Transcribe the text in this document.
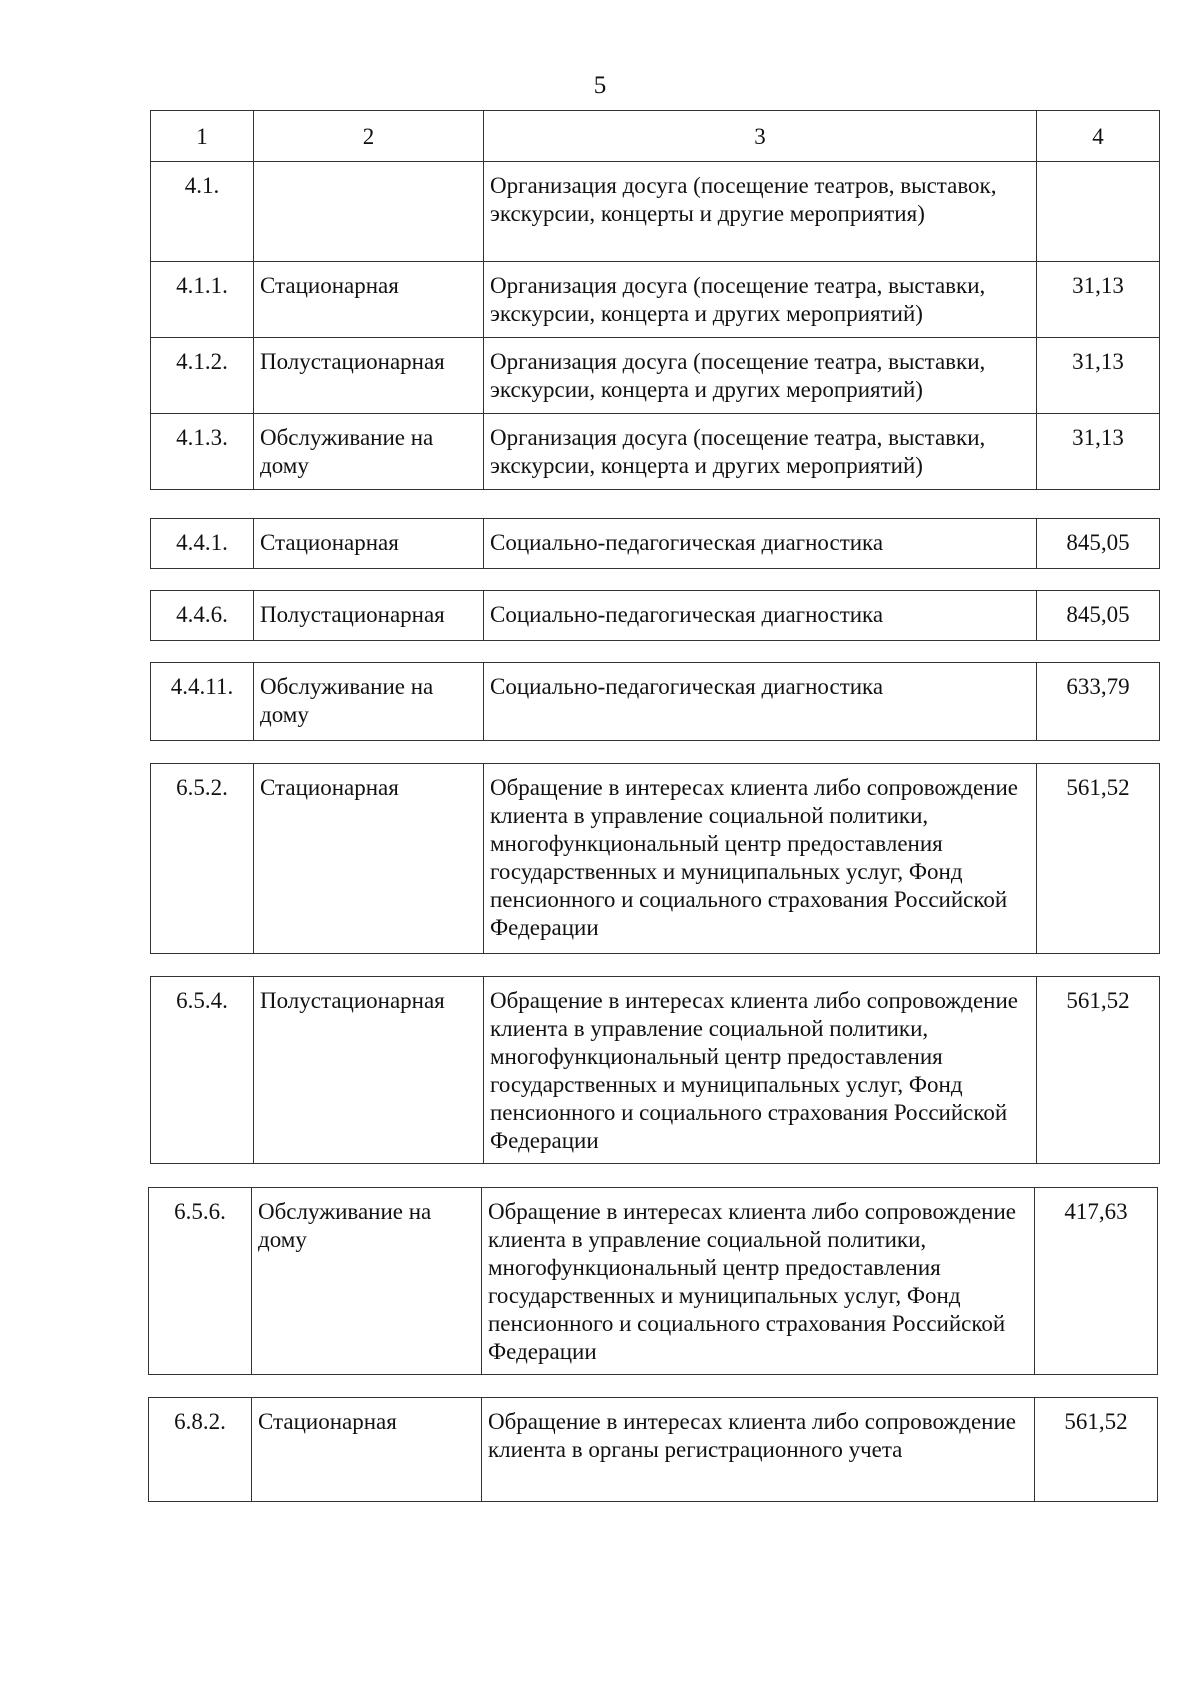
5
1	2	3	4
4.1.		Организация досуга (посещение театров, выставок, экскурсии, концерты и другие мероприятия)	
4.1.1.	Стационарная	Организация досуга (посещение театра, выставки, экскурсии, концерта и других мероприятий)	31,13
4.1.2.	Полустационарная	Организация досуга (посещение театра, выставки, экскурсии, концерта и других мероприятий)	31,13
4.1.3.	Обслуживание на дому	Организация досуга (посещение театра, выставки, экскурсии, концерта и других мероприятий)	31,13
4.4.1.	Стационарная	Социально-педагогическая диагностика	845,05
4.4.6.	Полустационарная	Социально-педагогическая диагностика	845,05
4.4.11.	Обслуживание на дому	Социально-педагогическая диагностика	633,79
6.5.2.	Стационарная	Обращение в интересах клиента либо сопровождение клиента в управление социальной политики, многофункциональный центр предоставления государственных и муниципальных услуг, Фонд пенсионного и социального страхования Российской Федерации	561,52
6.5.4.	Полустационарная	Обращение в интересах клиента либо сопровождение клиента в управление социальной политики, многофункциональный центр предоставления государственных и муниципальных услуг, Фонд пенсионного и социального страхования Российской Федерации	561,52
6.5.6.	Обслуживание на дому	Обращение в интересах клиента либо сопровождение клиента в управление социальной политики, многофункциональный центр предоставления государственных и муниципальных услуг, Фонд пенсионного и социального страхования Российской Федерации	417,63
6.8.2.	Стационарная	Обращение в интересах клиента либо сопровождение клиента в органы регистрационного учета	561,52
